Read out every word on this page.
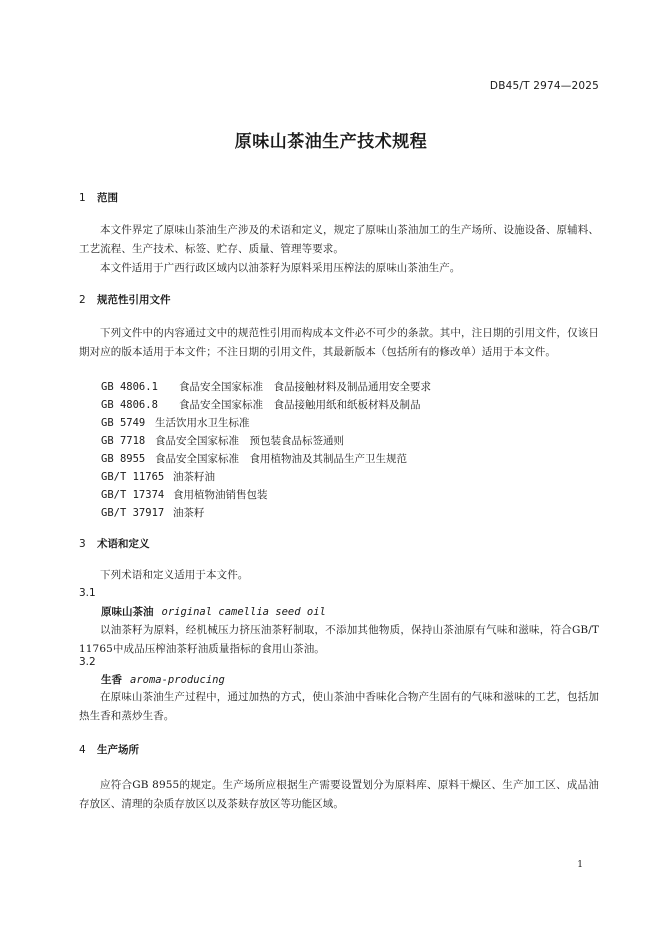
DB45/T 2974—2025
原味山茶油生产技术规程
1 范围
本文件界定了原味山茶油生产涉及的术语和定义，规定了原味山茶油加工的生产场所、设施设备、原辅料、工艺流程、生产技术、标签、贮存、质量、管理等要求。
本文件适用于广西行政区域内以油茶籽为原料采用压榨法的原味山茶油生产。
2 规范性引用文件
下列文件中的内容通过文中的规范性引用而构成本文件必不可少的条款。其中，注日期的引用文件，仅该日期对应的版本适用于本文件；不注日期的引用文件，其最新版本（包括所有的修改单）适用于本文件。
GB 4806.1 食品安全国家标准　食品接触材料及制品通用安全要求
GB 4806.8 食品安全国家标准　食品接触用纸和纸板材料及制品
GB 5749 生活饮用水卫生标准
GB 7718 食品安全国家标准　预包装食品标签通则
GB 8955 食品安全国家标准　食用植物油及其制品生产卫生规范
GB/T 11765 油茶籽油
GB/T 17374 食用植物油销售包装
GB/T 37917 油茶籽
3 术语和定义
下列术语和定义适用于本文件。
3.1
原味山茶油 original camellia seed oil
以油茶籽为原料，经机械压力挤压油茶籽制取，不添加其他物质，保持山茶油原有气味和滋味，符合GB/T 11765中成品压榨油茶籽油质量指标的食用山茶油。
3.2
生香 aroma-producing
在原味山茶油生产过程中，通过加热的方式，使山茶油中香味化合物产生固有的气味和滋味的工艺，包括加热生香和蒸炒生香。
4 生产场所
应符合GB 8955的规定。生产场所应根据生产需要设置划分为原料库、原料干燥区、生产加工区、成品油存放区、清理的杂质存放区以及茶麸存放区等功能区域。
1
